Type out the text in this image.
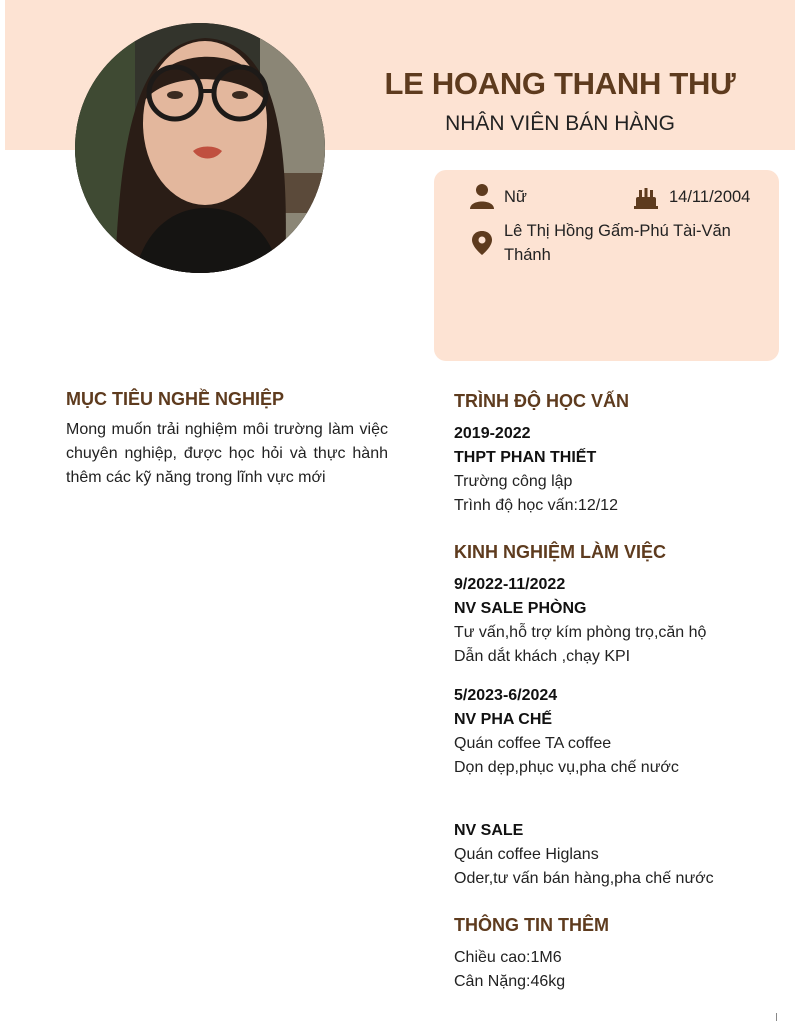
LE HOANG THANH THƯ
NHÂN VIÊN BÁN HÀNG
Nữ	14/11/2004
Lê Thị Hồng Gấm-Phú Tài-Văn
Thánh
MỤC TIÊU NGHỀ NGHIỆP
Mong muốn trải nghiệm môi trường làm việc chuyên nghiệp, được học hỏi và thực hành thêm các kỹ năng trong lĩnh vực mới
TRÌNH ĐỘ HỌC VẤN
2019-2022
THPT PHAN THIẾT
Trường công lập
Trình độ học vấn:12/12
KINH NGHIỆM LÀM VIỆC
9/2022-11/2022
NV SALE PHÒNG
Tư vấn,hỗ trợ kím phòng trọ,căn hộ
Dẫn dắt khách ,chạy KPI
5/2023-6/2024
NV PHA CHẾ
Quán coffee TA coffee
Dọn dẹp,phục vụ,pha chế nước
NV SALE
Quán coffee Higlans
Oder,tư vấn bán hàng,pha chế nước
THÔNG TIN THÊM
Chiều cao:1M6
Cân Nặng:46kg
